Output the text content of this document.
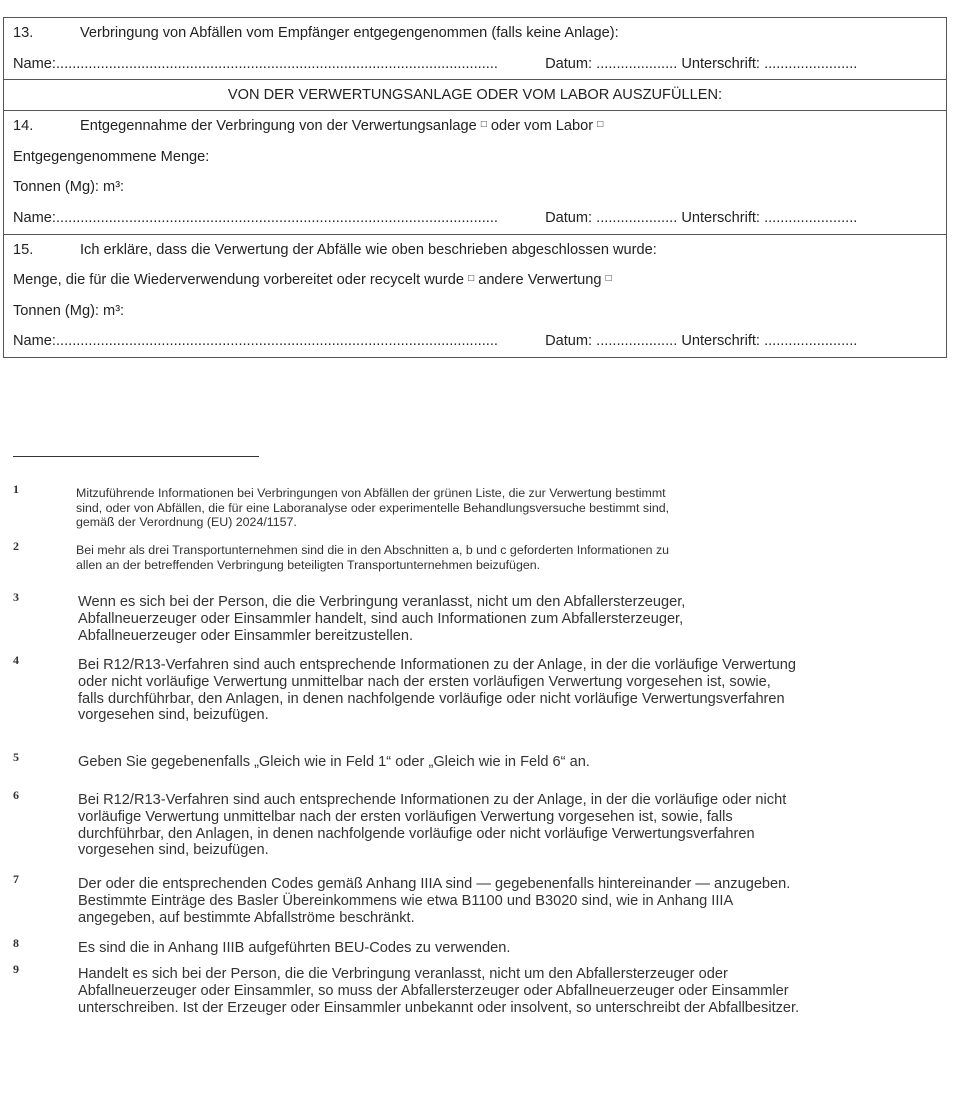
13.	Verbringung von Abfällen vom Empfänger entgegengenommen (falls keine Anlage):
Name:.............................................................................................................	Datum: .................... Unterschrift: .......................
VON DER VERWERTUNGSANLAGE ODER VOM LABOR AUSZUFÜLLEN:
14.	Entgegennahme der Verbringung von der Verwertungsanlage □ oder vom Labor □
Entgegengenommene Menge:
Tonnen (Mg): m³:
Name:.............................................................................................................	Datum: .................... Unterschrift: .......................
15.	Ich erkläre, dass die Verwertung der Abfälle wie oben beschrieben abgeschlossen wurde:
Menge, die für die Wiederverwendung vorbereitet oder recycelt wurde □ andere Verwertung □
Tonnen (Mg): m³:
Name:.............................................................................................................	Datum: .................... Unterschrift: .......................
1	Mitzuführende Informationen bei Verbringungen von Abfällen der grünen Liste, die zur Verwertung bestimmt
sind, oder von Abfällen, die für eine Laboranalyse oder experimentelle Behandlungsversuche bestimmt sind,
gemäß der Verordnung (EU) 2024/1157.
2	Bei mehr als drei Transportunternehmen sind die in den Abschnitten a, b und c geforderten Informationen zu
allen an der betreffenden Verbringung beteiligten Transportunternehmen beizufügen.
3	Wenn es sich bei der Person, die die Verbringung veranlasst, nicht um den Abfallersterzeuger,
Abfallneuerzeuger oder Einsammler handelt, sind auch Informationen zum Abfallersterzeuger,
Abfallneuerzeuger oder Einsammler bereitzustellen.
4	Bei R12/R13-Verfahren sind auch entsprechende Informationen zu der Anlage, in der die vorläufige Verwertung
oder nicht vorläufige Verwertung unmittelbar nach der ersten vorläufigen Verwertung vorgesehen ist, sowie,
falls durchführbar, den Anlagen, in denen nachfolgende vorläufige oder nicht vorläufige Verwertungsverfahren
vorgesehen sind, beizufügen.
5	Geben Sie gegebenenfalls „Gleich wie in Feld 1“ oder „Gleich wie in Feld 6“ an.
6	Bei R12/R13-Verfahren sind auch entsprechende Informationen zu der Anlage, in der die vorläufige oder nicht
vorläufige Verwertung unmittelbar nach der ersten vorläufigen Verwertung vorgesehen ist, sowie, falls
durchführbar, den Anlagen, in denen nachfolgende vorläufige oder nicht vorläufige Verwertungsverfahren
vorgesehen sind, beizufügen.
7	Der oder die entsprechenden Codes gemäß Anhang IIIA sind — gegebenenfalls hintereinander — anzugeben.
Bestimmte Einträge des Basler Übereinkommens wie etwa B1100 und B3020 sind, wie in Anhang IIIA
angegeben, auf bestimmte Abfallströme beschränkt.
8	Es sind die in Anhang IIIB aufgeführten BEU-Codes zu verwenden.
9	Handelt es sich bei der Person, die die Verbringung veranlasst, nicht um den Abfallersterzeuger oder
Abfallneuerzeuger oder Einsammler, so muss der Abfallersterzeuger oder Abfallneuerzeuger oder Einsammler
unterschreiben. Ist der Erzeuger oder Einsammler unbekannt oder insolvent, so unterschreibt der Abfallbesitzer.
